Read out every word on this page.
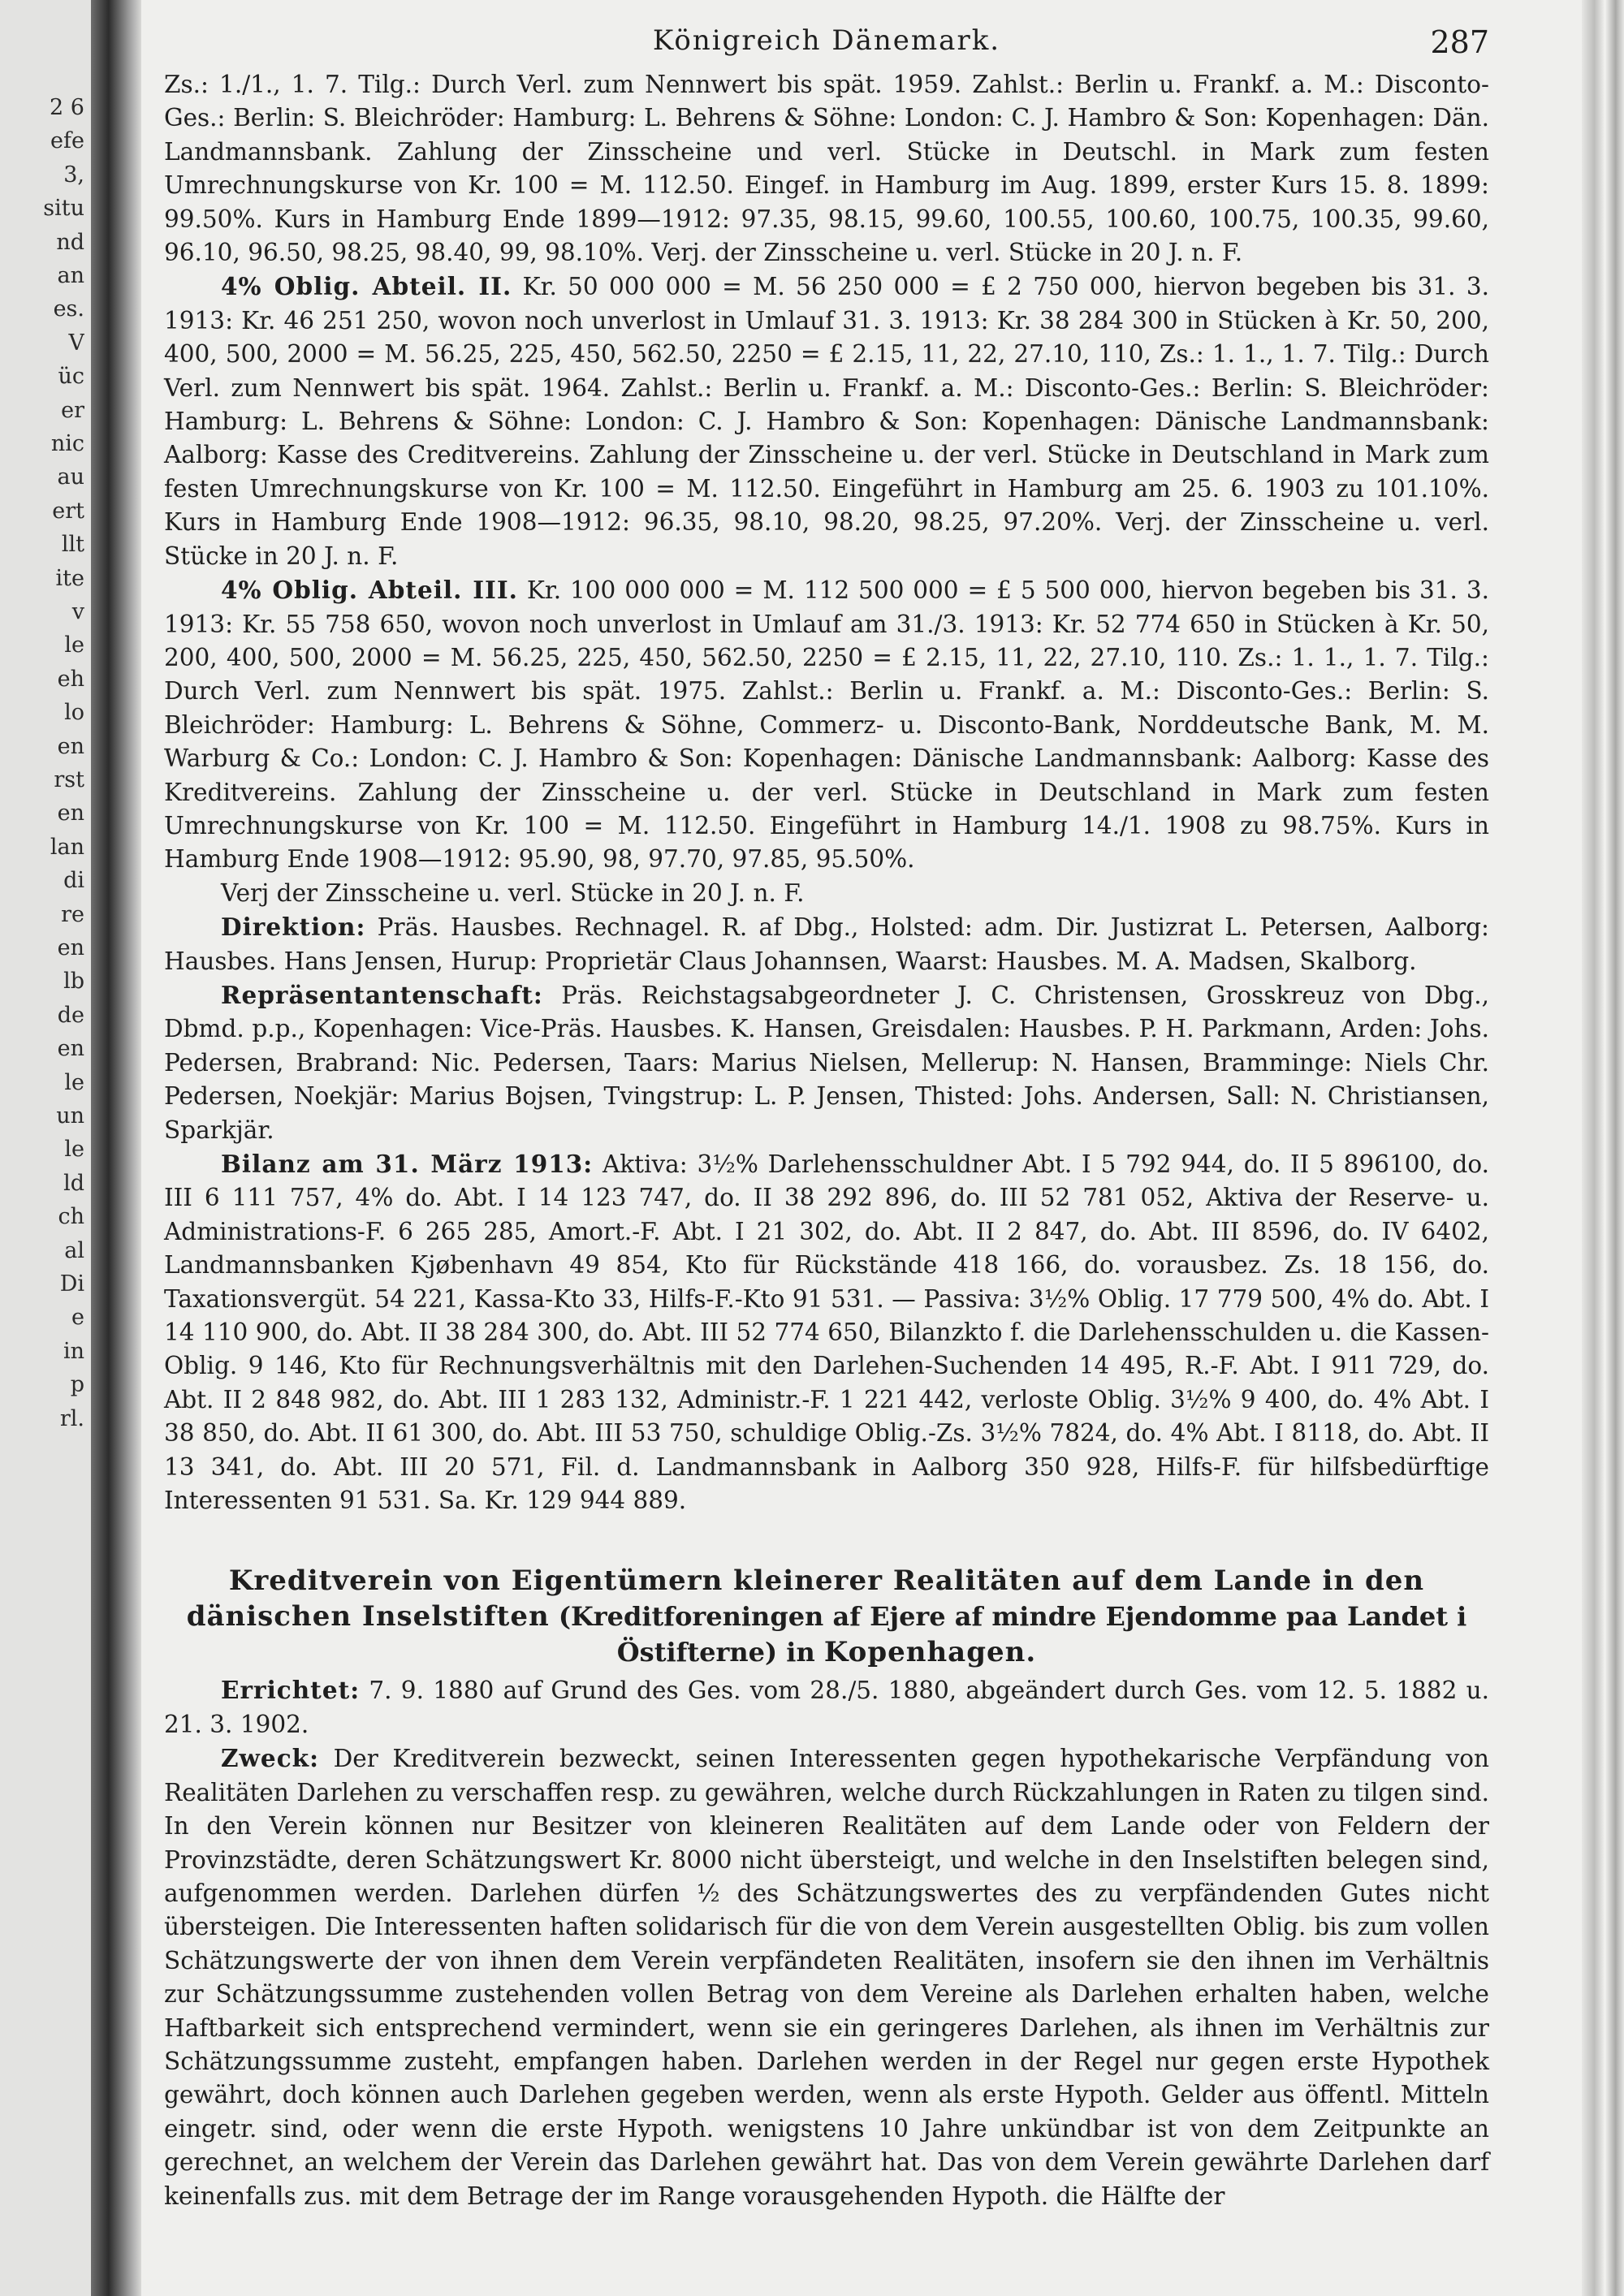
2 6
efe
3,
situ
nd
an
es.
V
üc
er
nic
au
ert
llt
ite
v
le
eh
lo
en
rst
en
lan
di
re
en
lb
de
en
le
un
le
ld
ch
al
Di
e
in
p
rl.
Königreich Dänemark.	287

Zs.: 1./1., 1. 7. Tilg.: Durch Verl. zum Nennwert bis spät. 1959. Zahlst.: Berlin u. Frankf. a. M.: Disconto-Ges.: Berlin: S. Bleichröder: Hamburg: L. Behrens & Söhne: London: C. J. Hambro & Son: Kopenhagen: Dän. Landmannsbank. Zahlung der Zinsscheine und verl. Stücke in Deutschl. in Mark zum festen Umrechnungskurse von Kr. 100 = M. 112.50. Eingef. in Hamburg im Aug. 1899, erster Kurs 15. 8. 1899: 99.50%. Kurs in Hamburg Ende 1899—1912: 97.35, 98.15, 99.60, 100.55, 100.60, 100.75, 100.35, 99.60, 96.10, 96.50, 98.25, 98.40, 99, 98.10%. Verj. der Zinsscheine u. verl. Stücke in 20 J. n. F.

4% Oblig. Abteil. II. Kr. 50 000 000 = M. 56 250 000 = £ 2 750 000, hiervon begeben bis 31. 3. 1913: Kr. 46 251 250, wovon noch unverlost in Umlauf 31. 3. 1913: Kr. 38 284 300 in Stücken à Kr. 50, 200, 400, 500, 2000 = M. 56.25, 225, 450, 562.50, 2250 = £ 2.15, 11, 22, 27.10, 110, Zs.: 1. 1., 1. 7. Tilg.: Durch Verl. zum Nennwert bis spät. 1964. Zahlst.: Berlin u. Frankf. a. M.: Disconto-Ges.: Berlin: S. Bleichröder: Hamburg: L. Behrens & Söhne: London: C. J. Hambro & Son: Kopenhagen: Dänische Landmannsbank: Aalborg: Kasse des Creditvereins. Zahlung der Zinsscheine u. der verl. Stücke in Deutschland in Mark zum festen Umrechnungskurse von Kr. 100 = M. 112.50. Eingeführt in Hamburg am 25. 6. 1903 zu 101.10%. Kurs in Hamburg Ende 1908—1912: 96.35, 98.10, 98.20, 98.25, 97.20%. Verj. der Zinsscheine u. verl. Stücke in 20 J. n. F.

4% Oblig. Abteil. III. Kr. 100 000 000 = M. 112 500 000 = £ 5 500 000, hiervon begeben bis 31. 3. 1913: Kr. 55 758 650, wovon noch unverlost in Umlauf am 31./3. 1913: Kr. 52 774 650 in Stücken à Kr. 50, 200, 400, 500, 2000 = M. 56.25, 225, 450, 562.50, 2250 = £ 2.15, 11, 22, 27.10, 110. Zs.: 1. 1., 1. 7. Tilg.: Durch Verl. zum Nennwert bis spät. 1975. Zahlst.: Berlin u. Frankf. a. M.: Disconto-Ges.: Berlin: S. Bleichröder: Hamburg: L. Behrens & Söhne, Commerz- u. Disconto-Bank, Norddeutsche Bank, M. M. Warburg & Co.: London: C. J. Hambro & Son: Kopenhagen: Dänische Landmannsbank: Aalborg: Kasse des Kreditvereins. Zahlung der Zinsscheine u. der verl. Stücke in Deutschland in Mark zum festen Umrechnungskurse von Kr. 100 = M. 112.50. Eingeführt in Hamburg 14./1. 1908 zu 98.75%. Kurs in Hamburg Ende 1908—1912: 95.90, 98, 97.70, 97.85, 95.50%.

Verj der Zinsscheine u. verl. Stücke in 20 J. n. F.

Direktion: Präs. Hausbes. Rechnagel. R. af Dbg., Holsted: adm. Dir. Justizrat L. Petersen, Aalborg: Hausbes. Hans Jensen, Hurup: Proprietär Claus Johannsen, Waarst: Hausbes. M. A. Madsen, Skalborg.

Repräsentantenschaft: Präs. Reichstagsabgeordneter J. C. Christensen, Grosskreuz von Dbg., Dbmd. p.p., Kopenhagen: Vice-Präs. Hausbes. K. Hansen, Greisdalen: Hausbes. P. H. Parkmann, Arden: Johs. Pedersen, Brabrand: Nic. Pedersen, Taars: Marius Nielsen, Mellerup: N. Hansen, Bramminge: Niels Chr. Pedersen, Noekjär: Marius Bojsen, Tvingstrup: L. P. Jensen, Thisted: Johs. Andersen, Sall: N. Christiansen, Sparkjär.

Bilanz am 31. März 1913: Aktiva: 3½% Darlehensschuldner Abt. I 5 792 944, do. II 5 896100, do. III 6 111 757, 4% do. Abt. I 14 123 747, do. II 38 292 896, do. III 52 781 052, Aktiva der Reserve- u. Administrations-F. 6 265 285, Amort.-F. Abt. I 21 302, do. Abt. II 2 847, do. Abt. III 8596, do. IV 6402, Landmannsbanken Kjøbenhavn 49 854, Kto für Rückstände 418 166, do. vorausbez. Zs. 18 156, do. Taxationsvergüt. 54 221, Kassa-Kto 33, Hilfs-F.-Kto 91 531. — Passiva: 3½% Oblig. 17 779 500, 4% do. Abt. I 14 110 900, do. Abt. II 38 284 300, do. Abt. III 52 774 650, Bilanzkto f. die Darlehensschulden u. die Kassen-Oblig. 9 146, Kto für Rechnungsverhältnis mit den Darlehen-Suchenden 14 495, R.-F. Abt. I 911 729, do. Abt. II 2 848 982, do. Abt. III 1 283 132, Administr.-F. 1 221 442, verloste Oblig. 3½% 9 400, do. 4% Abt. I 38 850, do. Abt. II 61 300, do. Abt. III 53 750, schuldige Oblig.-Zs. 3½% 7824, do. 4% Abt. I 8118, do. Abt. II 13 341, do. Abt. III 20 571, Fil. d. Landmannsbank in Aalborg 350 928, Hilfs-F. für hilfsbedürftige Interessenten 91 531. Sa. Kr. 129 944 889.

Kreditverein von Eigentümern kleinerer Realitäten auf dem Lande in den dänischen Inselstiften (Kreditforeningen af Ejere af mindre Ejendomme paa Landet i Östifterne) in Kopenhagen.

Errichtet: 7. 9. 1880 auf Grund des Ges. vom 28./5. 1880, abgeändert durch Ges. vom 12. 5. 1882 u. 21. 3. 1902.

Zweck: Der Kreditverein bezweckt, seinen Interessenten gegen hypothekarische Verpfändung von Realitäten Darlehen zu verschaffen resp. zu gewähren, welche durch Rückzahlungen in Raten zu tilgen sind. In den Verein können nur Besitzer von kleineren Realitäten auf dem Lande oder von Feldern der Provinzstädte, deren Schätzungswert Kr. 8000 nicht übersteigt, und welche in den Inselstiften belegen sind, aufgenommen werden. Darlehen dürfen ½ des Schätzungswertes des zu verpfändenden Gutes nicht übersteigen. Die Interessenten haften solidarisch für die von dem Verein ausgestellten Oblig. bis zum vollen Schätzungswerte der von ihnen dem Verein verpfändeten Realitäten, insofern sie den ihnen im Verhältnis zur Schätzungssumme zustehenden vollen Betrag von dem Vereine als Darlehen erhalten haben, welche Haftbarkeit sich entsprechend vermindert, wenn sie ein geringeres Darlehen, als ihnen im Verhältnis zur Schätzungssumme zusteht, empfangen haben. Darlehen werden in der Regel nur gegen erste Hypothek gewährt, doch können auch Darlehen gegeben werden, wenn als erste Hypoth. Gelder aus öffentl. Mitteln eingetr. sind, oder wenn die erste Hypoth. wenigstens 10 Jahre unkündbar ist von dem Zeitpunkte an gerechnet, an welchem der Verein das Darlehen gewährt hat. Das von dem Verein gewährte Darlehen darf keinenfalls zus. mit dem Betrage der im Range vorausgehenden Hypoth. die Hälfte der
